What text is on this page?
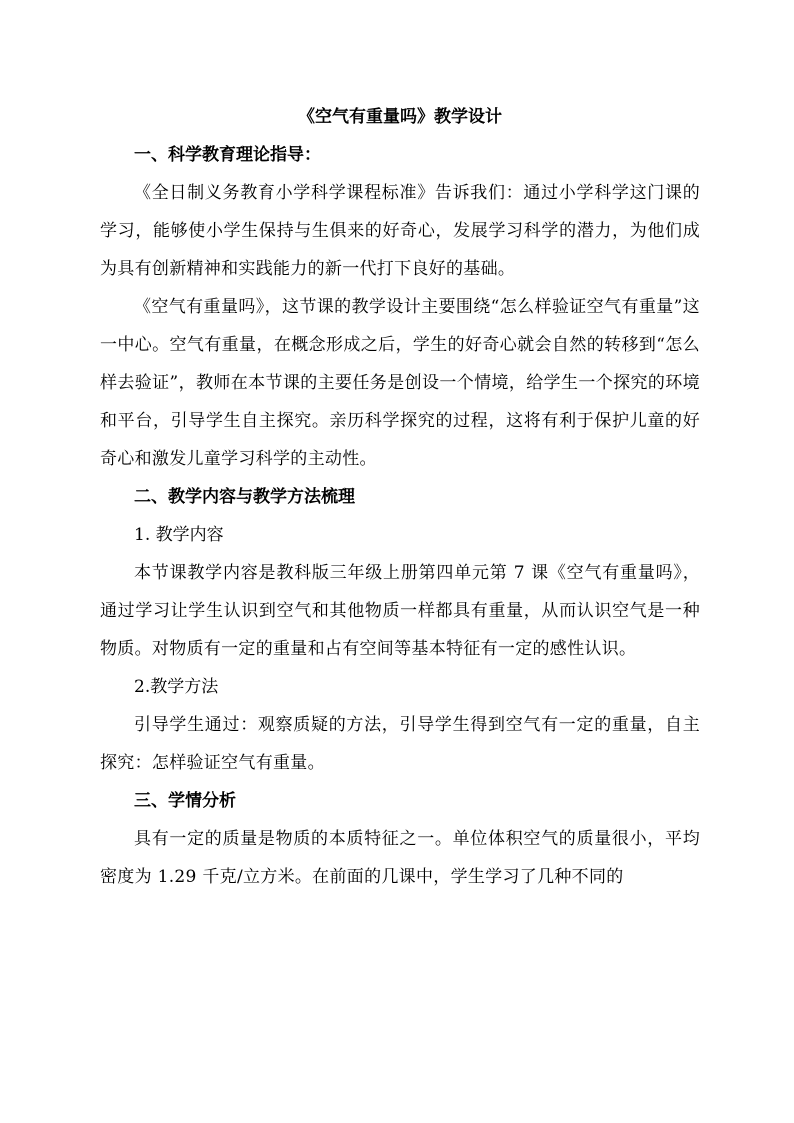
《空气有重量吗》教学设计
一、科学教育理论指导：

《全日制义务教育小学科学课程标准》告诉我们：通过小学科学这门课的学习，能够使小学生保持与生俱来的好奇心，发展学习科学的潜力，为他们成为具有创新精神和实践能力的新一代打下良好的基础。

《空气有重量吗》，这节课的教学设计主要围绕“怎么样验证空气有重量”这一中心。空气有重量，在概念形成之后，学生的好奇心就会自然的转移到“怎么样去验证”，教师在本节课的主要任务是创设一个情境，给学生一个探究的环境和平台，引导学生自主探究。亲历科学探究的过程，这将有利于保护儿童的好奇心和激发儿童学习科学的主动性。

二、教学内容与教学方法梳理
1. 教学内容

本节课教学内容是教科版三年级上册第四单元第 7 课《空气有重量吗》，通过学习让学生认识到空气和其他物质一样都具有重量，从而认识空气是一种物质。对物质有一定的重量和占有空间等基本特征有一定的感性认识。

2.教学方法

引导学生通过：观察质疑的方法，引导学生得到空气有一定的重量，自主探究：怎样验证空气有重量。

三、学情分析

具有一定的质量是物质的本质特征之一。单位体积空气的质量很小，平均密度为 1.29 千克/立方米。在前面的几课中，学生学习了几种不同的
